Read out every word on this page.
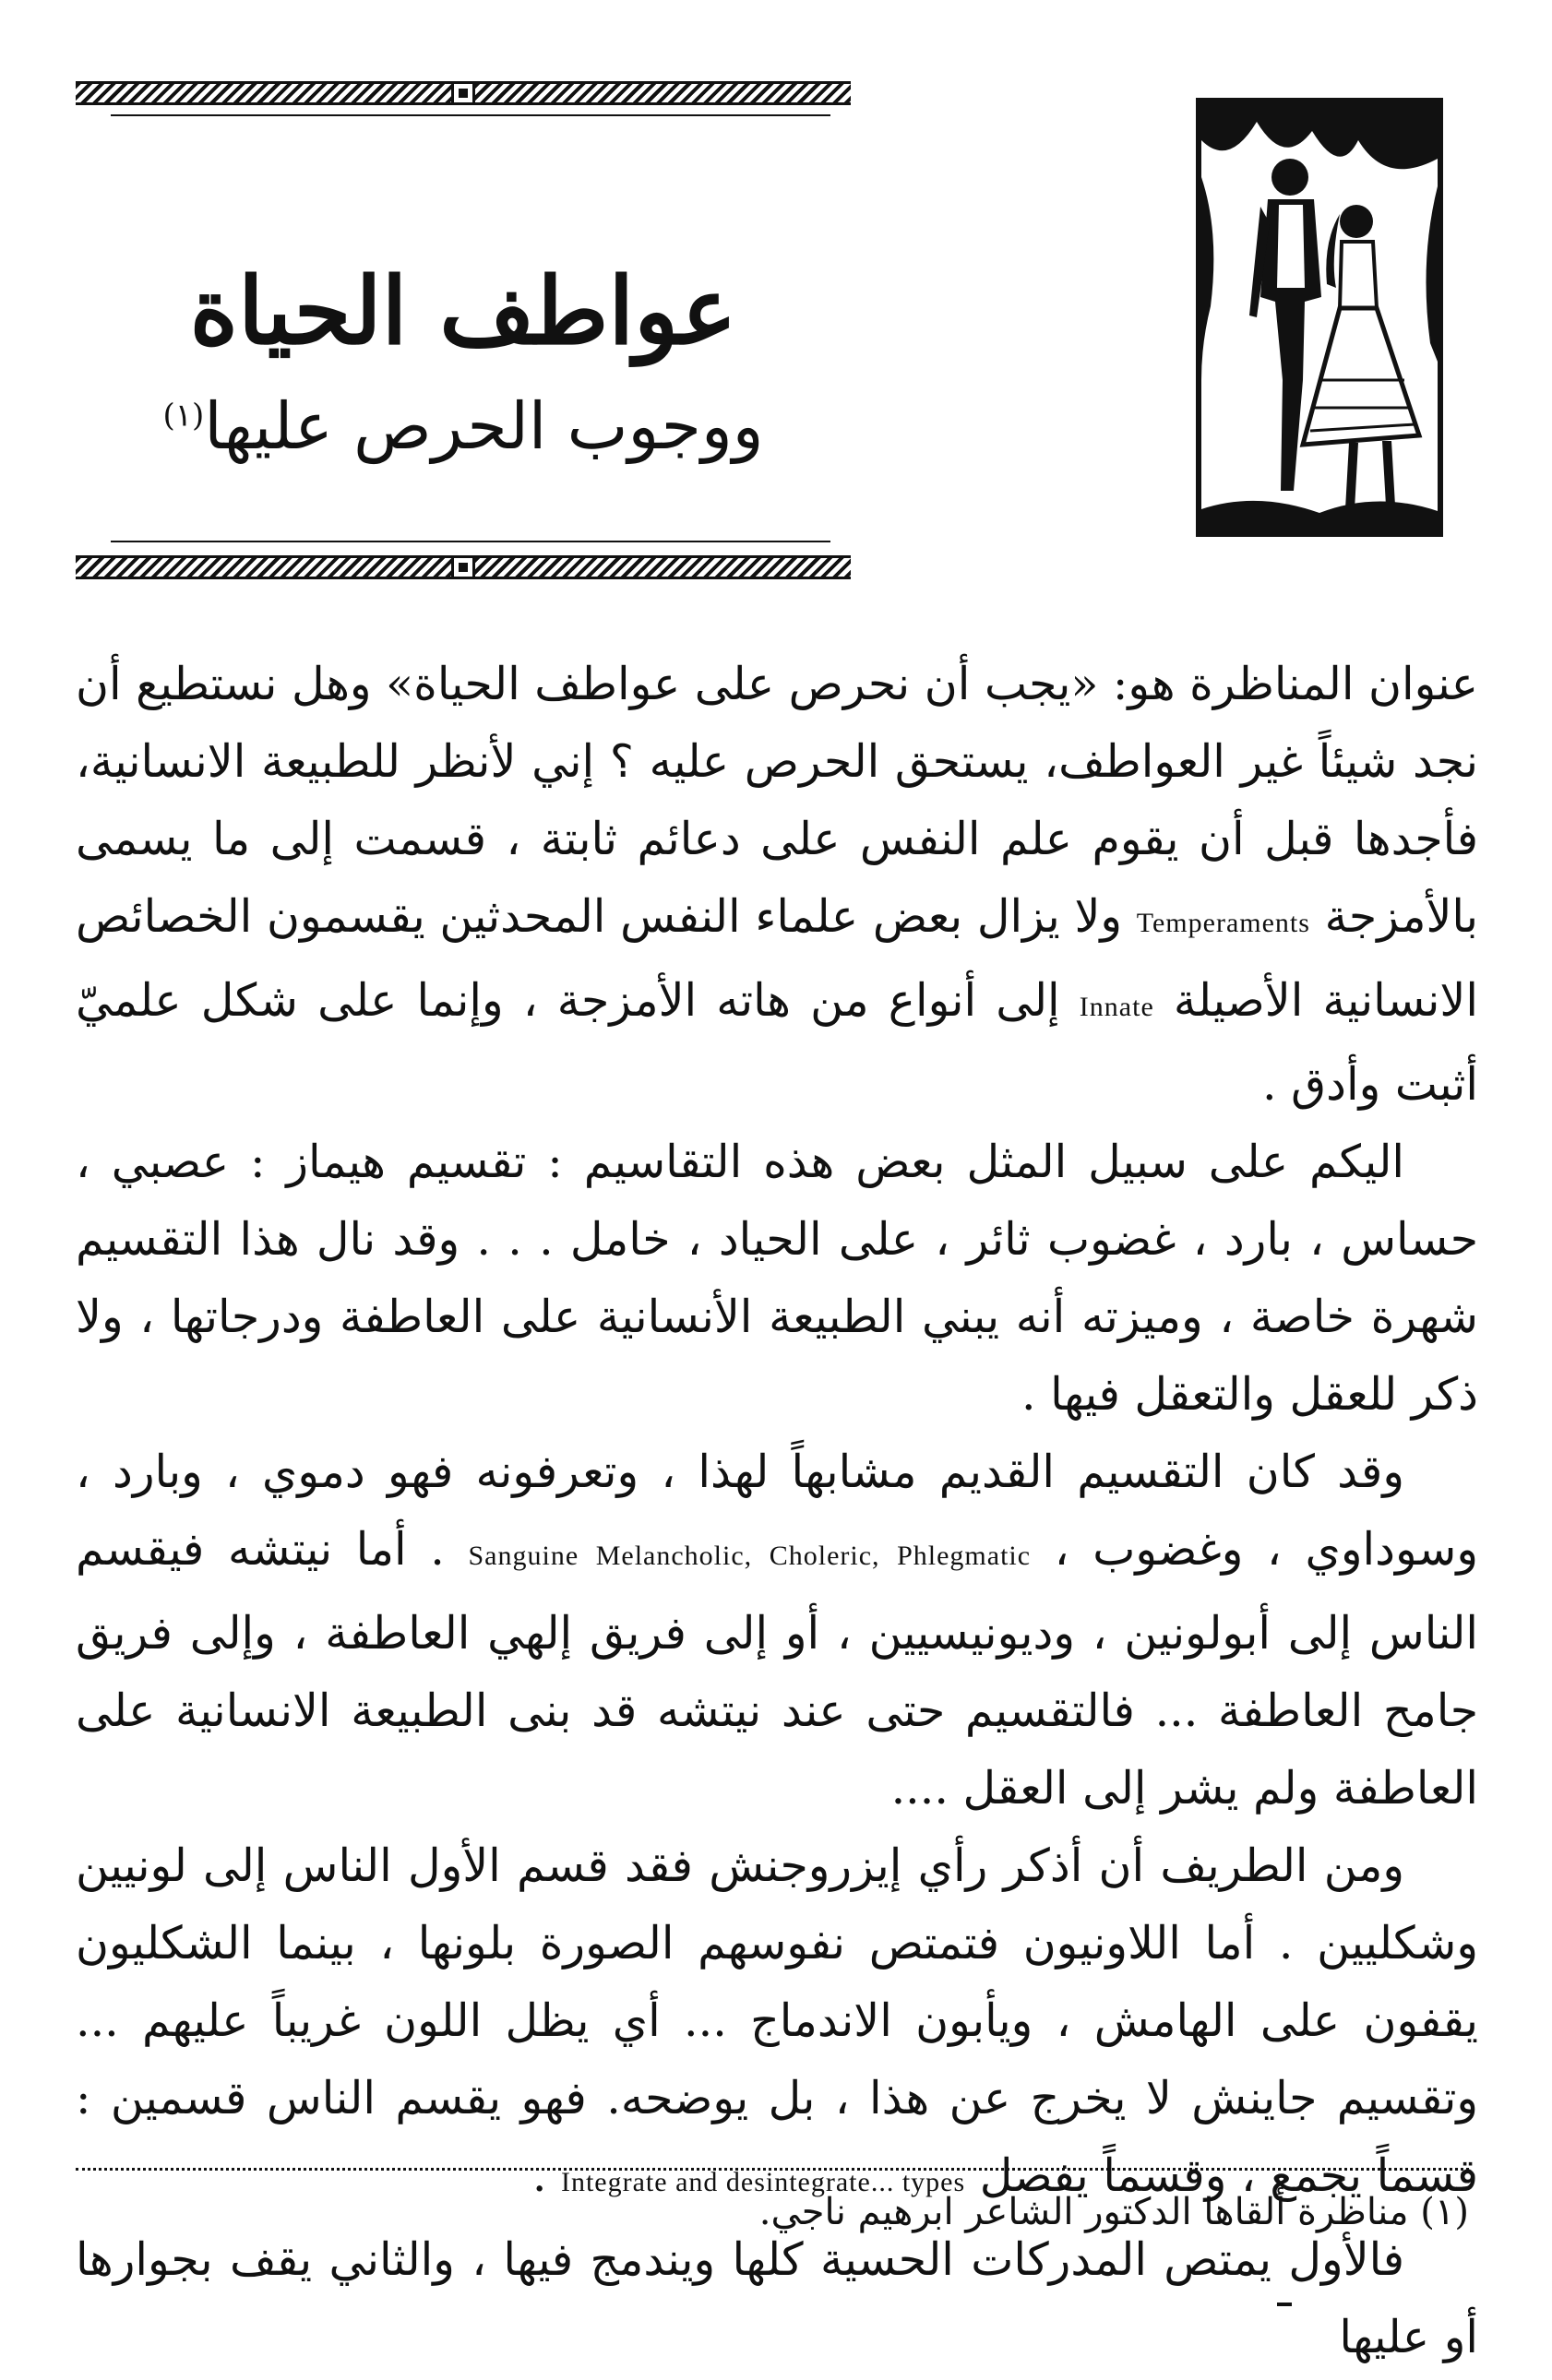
عواطف الحياة
ووجوب الحرص عليها$^{(١)}$

عنوان المناظرة هو: «يجب أن نحرص على عواطف الحياة» وهل نستطيع أن نجد شيئاً غير العواطف، يستحق الحرص عليه ؟ إني لأنظر للطبيعة الانسانية، فأجدها قبل أن يقوم علم النفس على دعائم ثابتة ، قسمت إلى ما يسمى بالأمزجة Temperaments ولا يزال بعض علماء النفس المحدثين يقسمون الخصائص الانسانية الأصيلة Innate إلى أنواع من هاته الأمزجة ، وإنما على شكل علميّ أثبت وأدق .

اليكم على سبيل المثل بعض هذه التقاسيم : تقسيم هيماز : عصبي ، حساس ، بارد ، غضوب ثائر ، على الحياد ، خامل . . . وقد نال هذا التقسيم شهرة خاصة ، وميزته أنه يبني الطبيعة الأنسانية على العاطفة ودرجاتها ، ولا ذكر للعقل والتعقل فيها .

وقد كان التقسيم القديم مشابهاً لهذا ، وتعرفونه فهو دموي ، وبارد ، وسوداوي ، وغضوب ، Sanguine Melancholic, Choleric, Phlegmatic . أما نيتشه فيقسم الناس إلى أبولونين ، وديونيسيين ، أو إلى فريق إلهي العاطفة ، وإلى فريق جامح العاطفة ... فالتقسيم حتى عند نيتشه قد بنى الطبيعة الانسانية على العاطفة ولم يشر إلى العقل ....

ومن الطريف أن أذكر رأي إيزروجنش فقد قسم الأول الناس إلى لونيين وشكليين . أما اللاونيون فتمتص نفوسهم الصورة بلونها ، بينما الشكليون يقفون على الهامش ، ويأبون الاندماج ... أي يظل اللون غريباً عليهم ... وتقسيم جاينش لا يخرج عن هذا ، بل يوضحه. فهو يقسم الناس قسمين : قسماً يجمع ، وقسماً يفصل Integrate and desintegrate... types .

فالأول يمتص المدركات الحسية كلها ويندمج فيها ، والثاني يقف بجوارها أو عليها

(١) مناظرة ألقاها الدكتور الشاعر ابرهيم ناجي.
